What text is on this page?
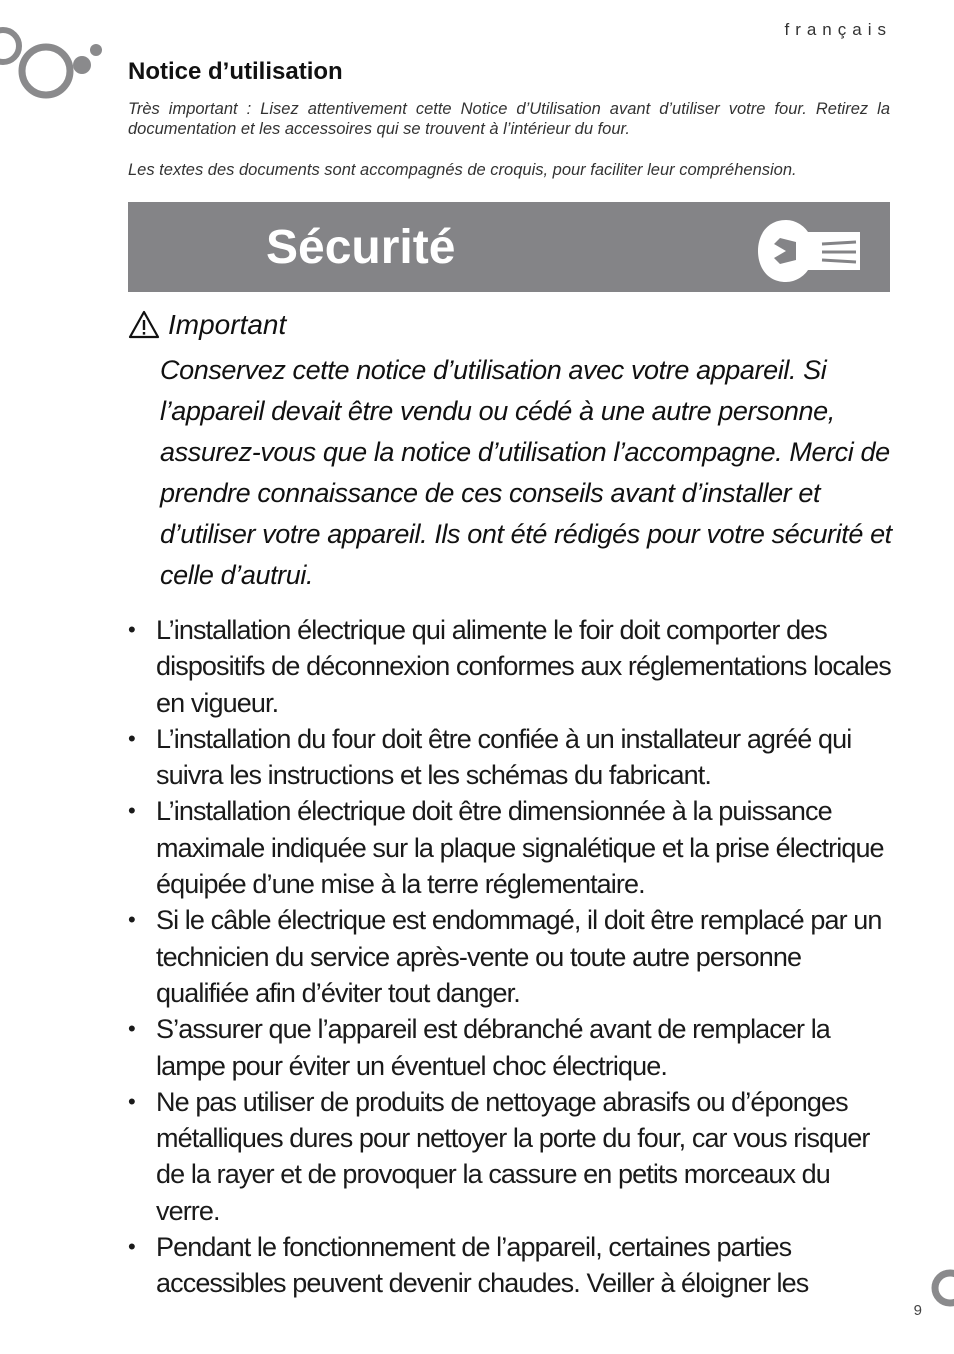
français
Notice d’utilisation
Très important : Lisez attentivement cette Notice d’Utilisation avant d’utiliser votre four. Retirez la documentation et les accessoires qui se trouvent à l’intérieur du four.
Les textes des documents sont accompagnés de croquis, pour faciliter leur compréhension.
Sécurité
Important
Conservez cette notice d’utilisation avec votre appareil. Si l’appareil devait être vendu ou cédé à une autre personne, assurez-vous que la notice d’utilisation l’accompagne. Merci de prendre connaissance de ces conseils avant d’installer et d’utiliser votre appareil. Ils ont été rédigés pour votre sécurité et celle d’autrui.
• L’installation électrique qui alimente le foir doit comporter des dispositifs de déconnexion conformes aux réglementations locales en vigueur.
• L’installation du four doit être confiée à un installateur agréé qui suivra les instructions et les schémas du fabricant.
• L’installation électrique doit être dimensionnée à la puissance maximale indiquée sur la plaque signalétique et la prise électrique équipée d’une mise à la terre réglementaire.
• Si le câble électrique est endommagé, il doit être remplacé par un technicien du service après-vente ou toute autre personne qualifiée afin d’éviter tout danger.
• S’assurer que l’appareil est débranché avant de remplacer la lampe pour éviter un éventuel choc électrique.
• Ne pas utiliser de produits de nettoyage abrasifs ou d’éponges métalliques dures pour nettoyer la porte du four, car vous risquer de la rayer et de provoquer la cassure en petits morceaux du verre.
• Pendant le fonctionnement de l’appareil, certaines parties accessibles peuvent devenir chaudes. Veiller à éloigner les
9
